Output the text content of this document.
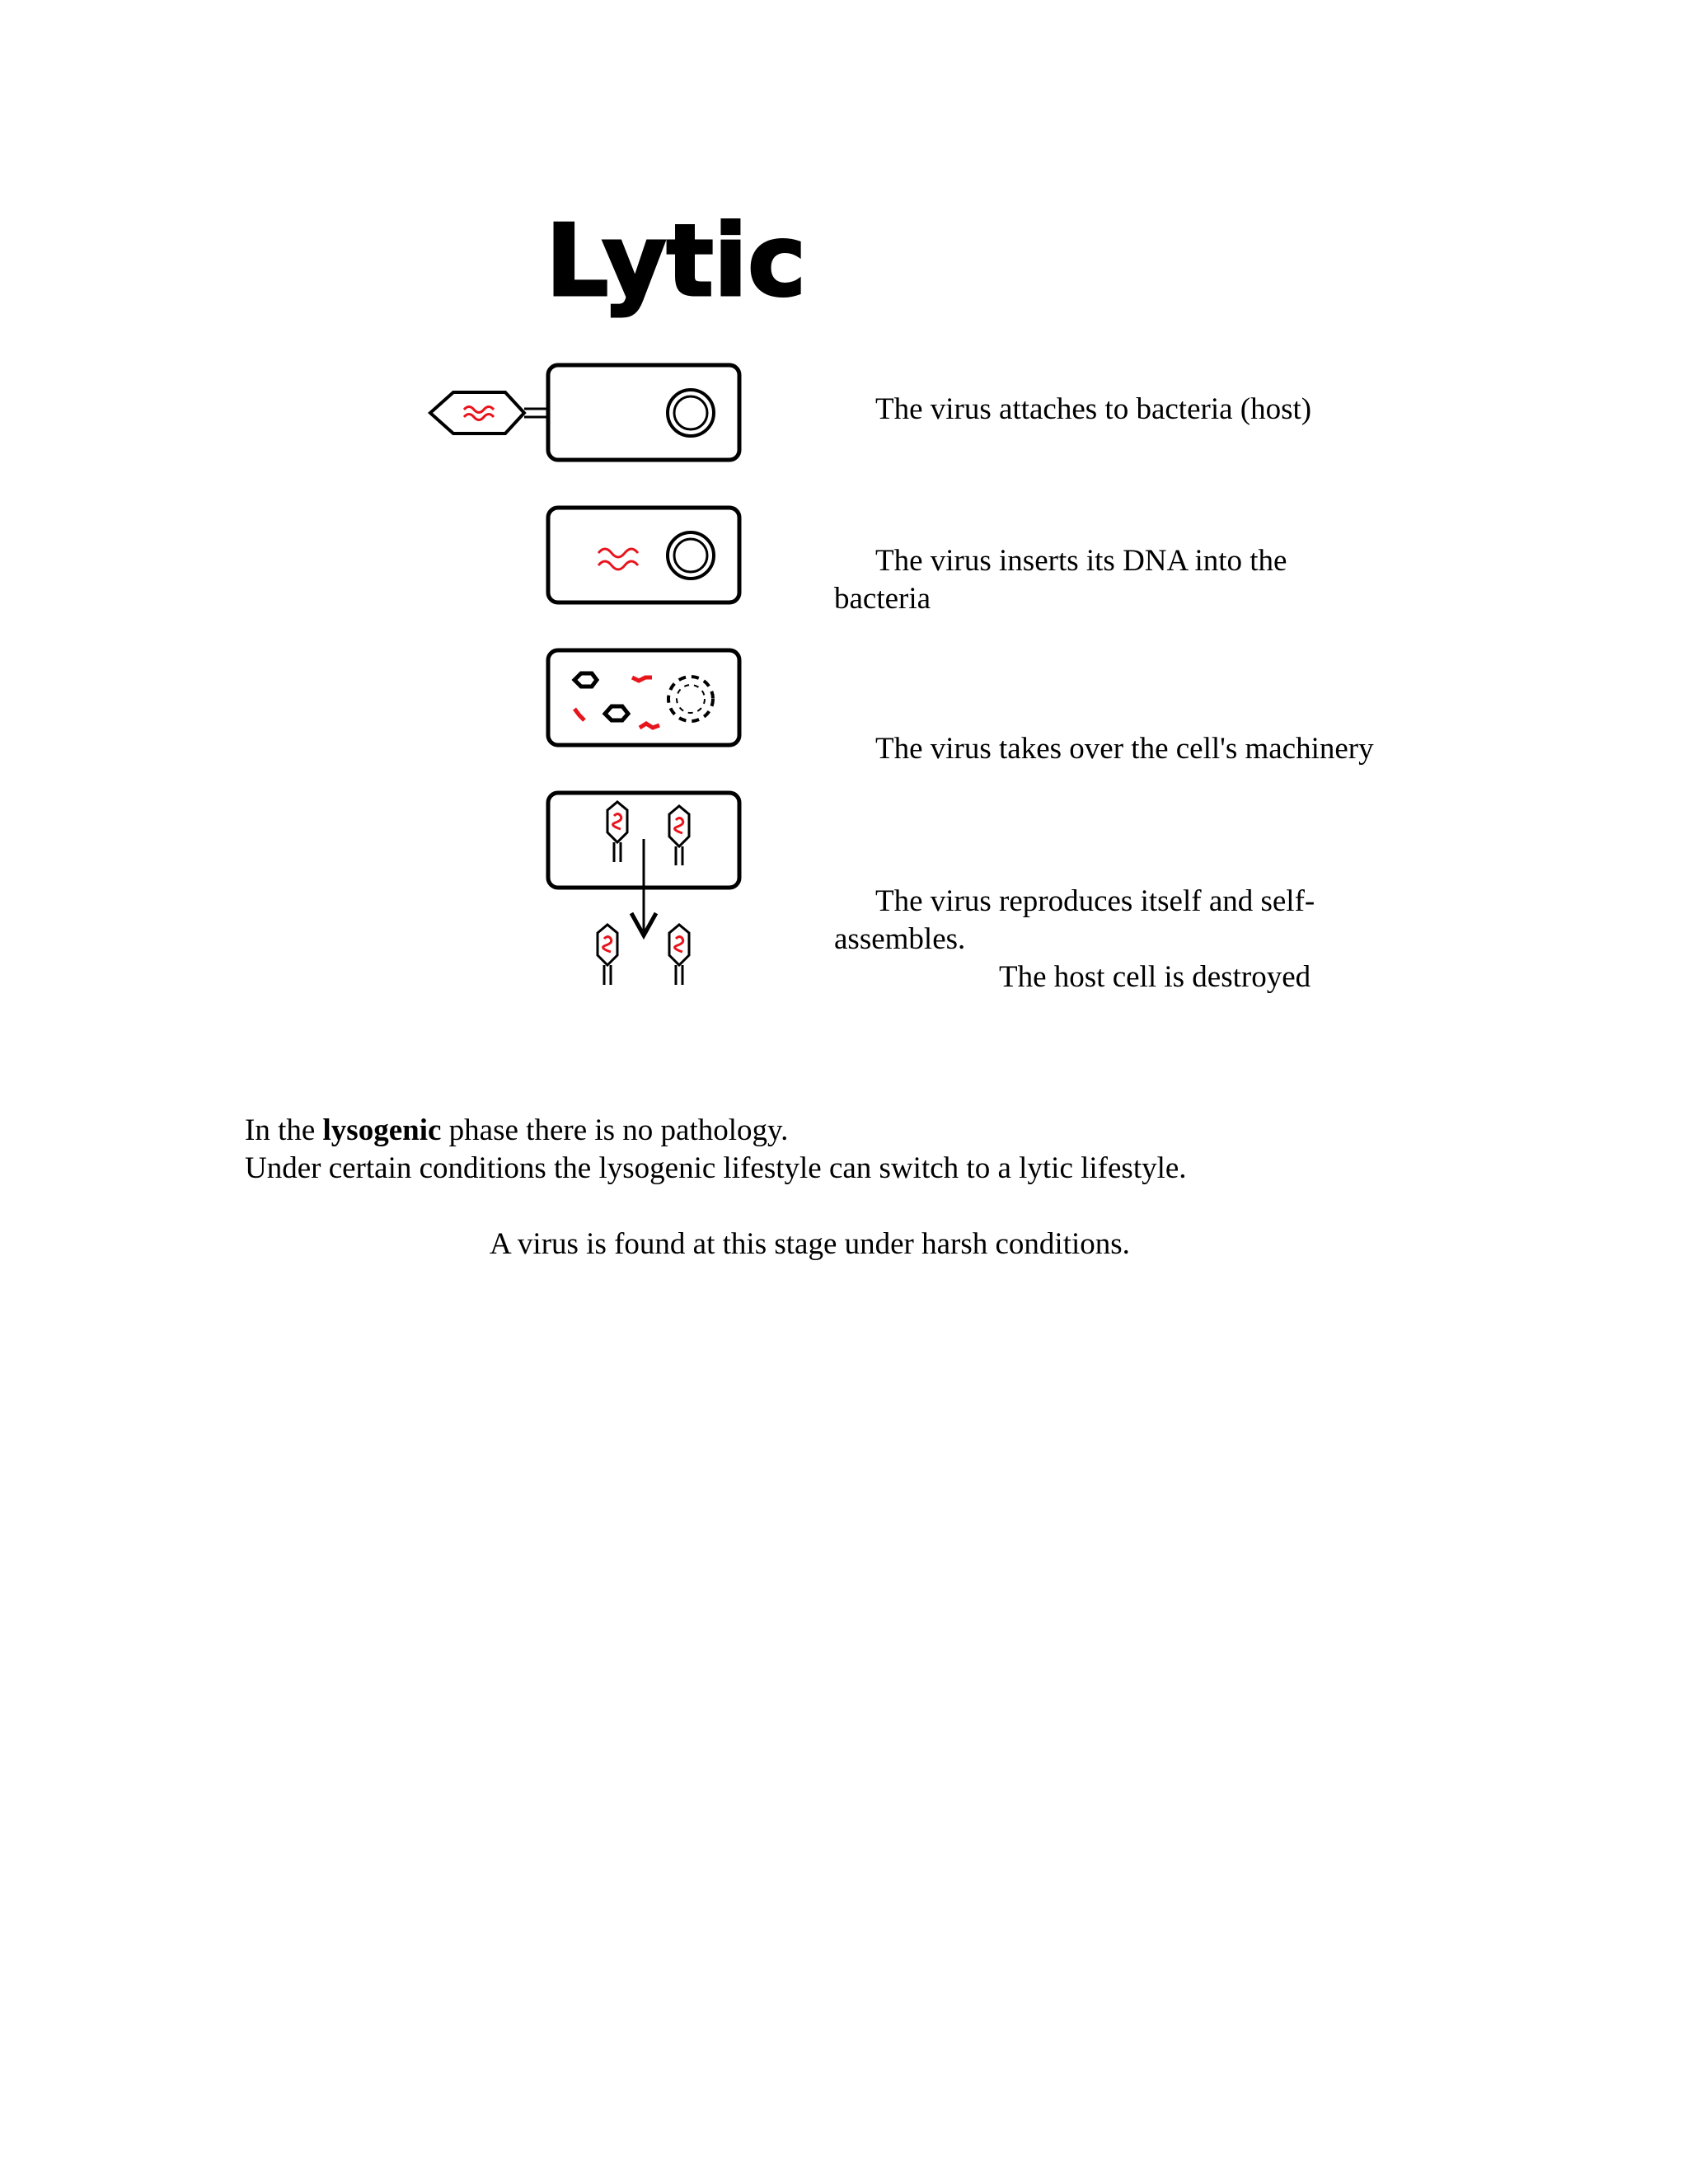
Lytic
The virus attaches to bacteria (host)
The virus inserts its DNA into the
bacteria
The virus takes over the cell's machinery
The virus reproduces itself and self-
assembles.
The host cell is destroyed
In the lysogenic phase there is no pathology.
Under certain conditions the lysogenic lifestyle can switch to a lytic lifestyle.
A virus is found at this stage under harsh conditions.
